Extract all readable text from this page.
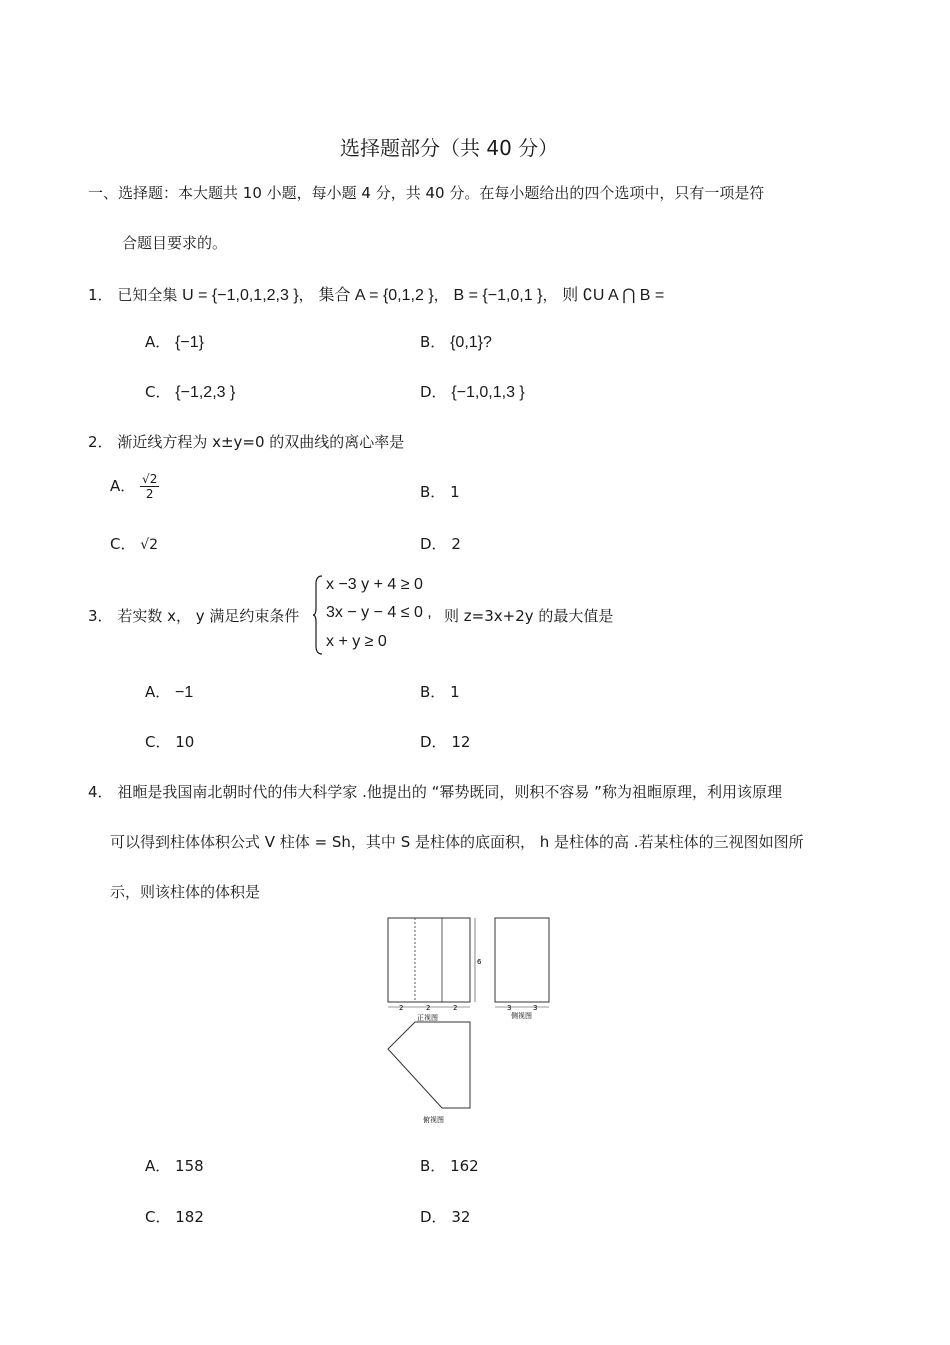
选择题部分（共 40 分）
一、选择题：本大题共 10 小题，每小题 4 分，共 40 分。在每小题给出的四个选项中，只有一项是符
合题目要求的。
1． 已知全集 U = {−1,0,1,2,3 }， 集合 A = {0,1,2 }， B = {−1,0,1 }， 则 ∁U A ⋂ B =
A． {−1}	B． {0,1}?
C． {−1,2,3 }	D． {−1,0,1,3 }
2． 渐近线方程为 x±y=0 的双曲线的离心率是
A． $\frac{√2}{2}$	B． 1
C． √2	D． 2
3． 若实数 x， y 满足约束条件
x −3 y + 4 ≥ 0
3x − y − 4 ≤ 0 ,
x + y ≥ 0
则 z=3x+2y 的最大值是
A． −1	B． 1
C． 10	D． 12
4． 祖暅是我国南北朝时代的伟大科学家 .他提出的 “幂势既同，则积不容易 ”称为祖暅原理，利用该原理
可以得到柱体体积公式 V 柱体 = Sh，其中 S 是柱体的底面积， h 是柱体的高 .若某柱体的三视图如图所
示，则该柱体的体积是
2	2	2
6
正视图
3	3
侧视图
俯视图
A． 158	B． 162
C． 182	D． 32
